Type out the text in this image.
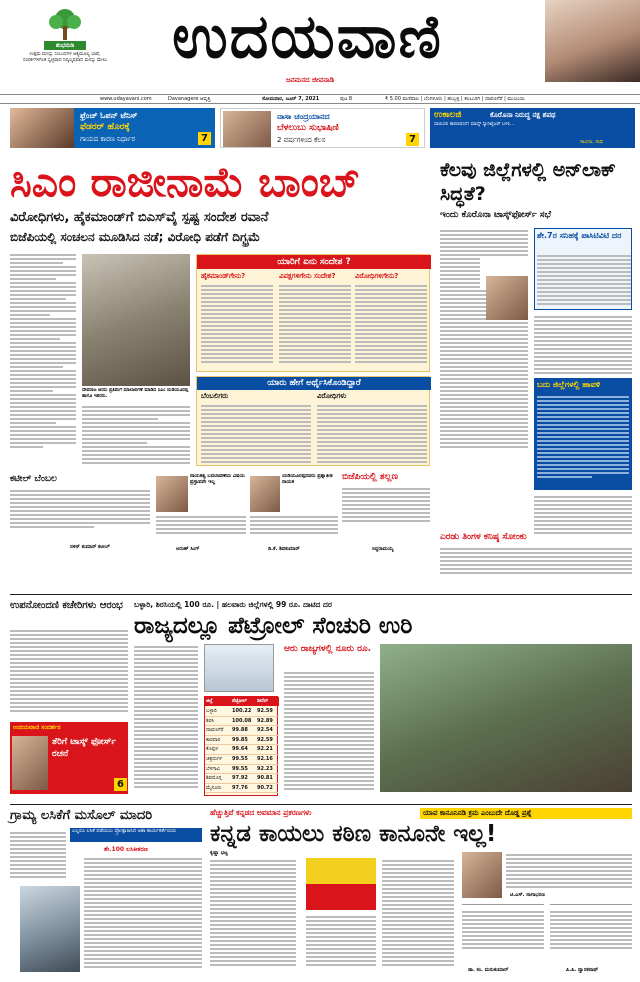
ಶುಭನುಡಿ
ಉತ್ತಮ ಮನಸ್ಸು ಸಂಬಂಧಗಳ ಅತ್ಯಮೂಲ್ಯ ಭಾಷೆ, ಸಂಪರ್ಕಗಳಿಗಿಂತ ಸ್ವಚ್ಛವಾದ ನಿಷ್ಕಲ್ಮಷವಾದ ಮನಸ್ಸು ಮೇಲು	ಉದಯವಾಣಿ
ಜನಮನದ ಜೀವನಾಡಿ
www.udayavani.com	Davanagere ಆವೃತ್ತಿ	ಸೋಮವಾರ, ಜೂನ್ 7, 2021	ಪುಟ 8	₹ 5.00 ಮಣಿಪಾಲ | ಬೆಂಗಳೂರು | ಹುಬ್ಬಳ್ಳಿ | ಕಲಬುರಗಿ | ದಾವಣಗೆರೆ | ಮುಂಬಯಿ
ಫ್ರೆಂಚ್ ಓಪನ್ ಟೆನಿಸ್
ಫೆಡರರ್ ಹೊರಕ್ಕೆ
ಗಾಯದ ಕಾರಣ ನಿರ್ಧಾರ	7
ನಾಸಾ ಚಂದ್ರಯಾನದ
ಬೆಳಲುಬು ಸುಭಾಷಿಣಿ
2 ವರ್ಷಗಳಿಂದ ಕೆಲಸ	7
ಉಕಾಲಜಿ	ಕೊರೊನಾ ನಿರುದ್ಧ ನಕ್ಷ ಶಪಥ
ಸಾಯಿಸಲಿ ಕಾರಣವೆಂದೆ! ಮಾಸ್ಕ್ ಸ್ಯಾನಿಟೈಜರ್ ಬಳಸಿ...
ಸಾವಿನಾ, ಸಾಧಿ
ಸಿಎಂ ರಾಜೀನಾಮೆ ಬಾಂಬ್
ವಿರೋಧಿಗಳು, ಹೈಕಮಾಂಡ್‌ಗೆ ಬಿಎಸ್‌ವೈ ಸ್ಪಷ್ಟ ಸಂದೇಶ ರವಾನೆ
ಬಿಜೆಪಿಯಲ್ಲಿ ಸಂಚಲನ ಮೂಡಿಸಿದ ನಡೆ; ವಿರೋಧಿ ಪಡೆಗೆ ದಿಗ್ಭ್ರಮೆ
ದೇವರಾಜ ಅರಸು ಪ್ರತಿಮೆಗೆ ಮಾಲಾರ್ಪಣೆ ಮಾಡಿದ ಸಿಎಂ ಯಡಿಯೂರಪ್ಪ ಹಾಗೂ ಇತರರು.
ಯಾರಿಗೆ ಏನು ಸಂದೇಶ ?
ಹೈಕಮಾಂಡ್‌ಗೇನು?	ವಿಪಕ್ಷಗಳಿಗೇನು ಸಂದೇಶ?	ವಿರೋಧಿಗಳಿಗೇನು?
ಯಾರು ಹೇಗೆ ಅರ್ಥೈಸಿಕೊಂಡಿದ್ದಾರೆ
ಬೆಂಬಲಿಗರು	ವಿರೋಧಿಗಳು
ಕಟೀಲ್ ಬೆಂಬಲ
ನಳಿನ್ ಕುಮಾರ್ ಕಟೀಲ್
ನಾಯಕತ್ವ ಬದಲಾವಣೆಯ ವಿಷಯ ಪ್ರಸ್ತಾಪವೇ ಇಲ್ಲ
ಅರುಣ್ ಸಿಂಗ್
ಯಡಿಯೂರಪ್ಪನವರು ಪ್ರಶ್ನಾತೀತ ನಾಯಕ
ಡಿ.ಕೆ. ಶಿವಕುಮಾರ್
ಬಿಜೆಪಿಯಲ್ಲಿ ತಲ್ಲಣ
ಸಿದ್ದರಾಮಯ್ಯ
ಕೆಲವು ಜಿಲ್ಲೆಗಳಲ್ಲಿ ಅನ್‌ಲಾಕ್ ಸಿದ್ಧತೆ?
ಇಂದು ಕೊರೊನಾ ಟಾಸ್ಕ್‌ಫೋರ್ಸ್ ಸಭೆ
ಶೇ.7ರ ಸನಿಹಕ್ಕೆ ಪಾಸಿಟಿವಿಟಿ ದರ
ಬದು ಜಿಲ್ಲೆಗಳಲ್ಲಿ ಹಾವಳಿ
ಎರಡು ತಿಂಗಳ ಕನಿಷ್ಠ ಸೋಂಕು
ಉಪನೋಂದಣಿ ಕಚೇರಿಗಳು ಆರಂಭ
ಉದಯವಾಣಿ ಸಂದರ್ಶನ
ತೆರಿಗೆ ಟಾಸ್ಕ್ ಫೋರ್ಸ್ ರಚನೆ
6
ಬಳ್ಳಾರಿ, ಶಿರಸಿಯಲ್ಲಿ 100 ರೂ. | ಹಲವಾರು ಜಿಲ್ಲೆಗಳಲ್ಲಿ 99 ರೂ. ದಾಟಿದ ದರ
ರಾಜ್ಯದಲ್ಲೂ ಪೆಟ್ರೋಲ್ ಸೆಂಚುರಿ ಉರಿ
ಜಿಲ್ಲೆ	ಪೆಟ್ರೋಲ್ ಡೀಸೆಲ್
ಬಳ್ಳಾರಿ	100.22 92.59
ಶಿರಸಿ	100.08 92.89
ದಾವಣಗೆರೆ 99.88 92.54
ಕಾರವಾರ 99.85 92.59
ಕೊಪ್ಪಳ	99.64 92.21
ಚಿತ್ರದುರ್ಗ 99.55 92.16
ಬೆಳಗಾವಿ 99.55 92.23
ಶಿವಮೊಗ್ಗ 97.92 90.81
ಮೈಸೂರು 97.76 90.72
ಆರು ರಾಜ್ಯಗಳಲ್ಲಿ ನೂರು ರೂ.
ಗ್ರಾಮ್ಯ ಲಸಿಕೆಗೆ ಮಸೊಲ್ ಮಾದರಿ
ಎಲ್ಲರೂ ಲಸಿಕೆ ಪಡೆಯಲು ಪ್ರೋತ್ಸಾಹಿಸಿದ ಆಶಾ ಕಾರ್ಯಕರ್ತೆಯರು
ಶೇ.100 ಲಸಿಕೀಕರಣ
ಹೆಚ್ಚುತ್ತಿವೆ ಕನ್ನಡದ ಅವಮಾನ ಪ್ರಕರಣಗಳು	ಯಾವ ಕಾನೂನಿನಡಿ ಕ್ರಮ ಎಂಬುದೇ ದೊಡ್ಡ ಪ್ರಶ್ನೆ
ಕನ್ನಡ ಕಾಯಲು ಕಠಿಣ ಕಾನೂನೇ ಇಲ್ಲ!
ಕೃಷ್ಣಾ ಭಟ್ಟ
ಟಿ.ಎಸ್. ನಾಗಾಭರಣ
ಡಾ. ಕಂ. ಮನುಕುಮಾರ್	ಪಿ.ಪಿ. ದ್ವಾರಕನಾಥ್
